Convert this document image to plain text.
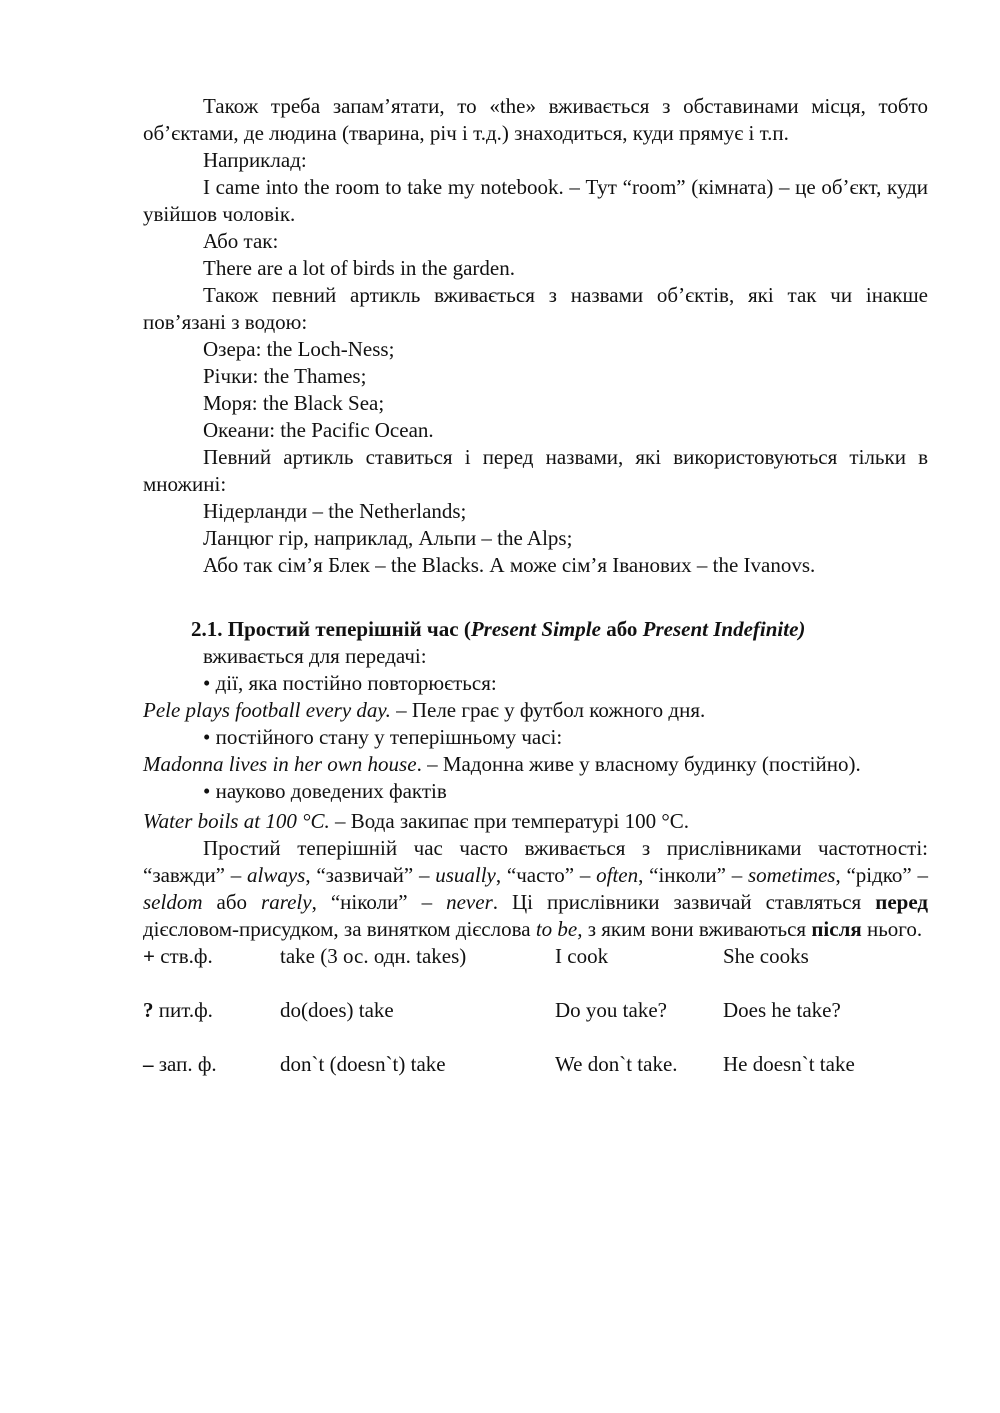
Також треба запам’ятати, то «the» вживається з обставинами місця, тобто об’єктами, де людина (тварина, річ і т.д.) знаходиться, куди прямує і т.п.

Наприклад:

I came into the room to take my notebook. – Тут “room” (кімната) – це об’єкт, куди увійшов чоловік.

Або так:

There are a lot of birds in the garden.

Також певний артикль вживається з назвами об’єктів, які так чи інакше пов’язані з водою:

Озера: the Loch-Ness;

Річки: the Thames;

Моря: the Black Sea;

Океани: the Pacific Ocean.

Певний артикль ставиться і перед назвами, які використовуються тільки в множині:

Нідерланди – the Netherlands;

Ланцюг гір, наприклад, Альпи – the Alps;

Або так сім’я Блек – the Blacks. А може сім’я Іванових – the Ivanovs.

2.1. Простий теперішній час (Present Simple або Present Indefinite)

вживається для передачі:

• дії, яка постійно повторюється:

Pele plays football every day. – Пеле грає у футбол кожного дня.

• постійного стану у теперішньому часі:

Madonna lives in her own house. – Мадонна живе у власному будинку (постійно).

• науково доведених фактів

Water boils at 100 °C. – Вода закипає при температурі 100 °C.

Простий теперішній час часто вживається з прислівниками частотності: “завжди” – always, “зазвичай” – usually, “часто” – often, “інколи” – sometimes, “рідко” – seldom або rarely, “ніколи” – never. Ці прислівники зазвичай ставляться перед дієсловом-присудком, за винятком дієслова to be, з яким вони вживаються після нього.

+ ств.ф.	take (3 ос. одн. takes)	I cook	She cooks
? пит.ф.	do(does) take	Do you take?	Does he take?
– зап. ф.	don`t (doesn`t) take	We don`t take. He doesn`t take
